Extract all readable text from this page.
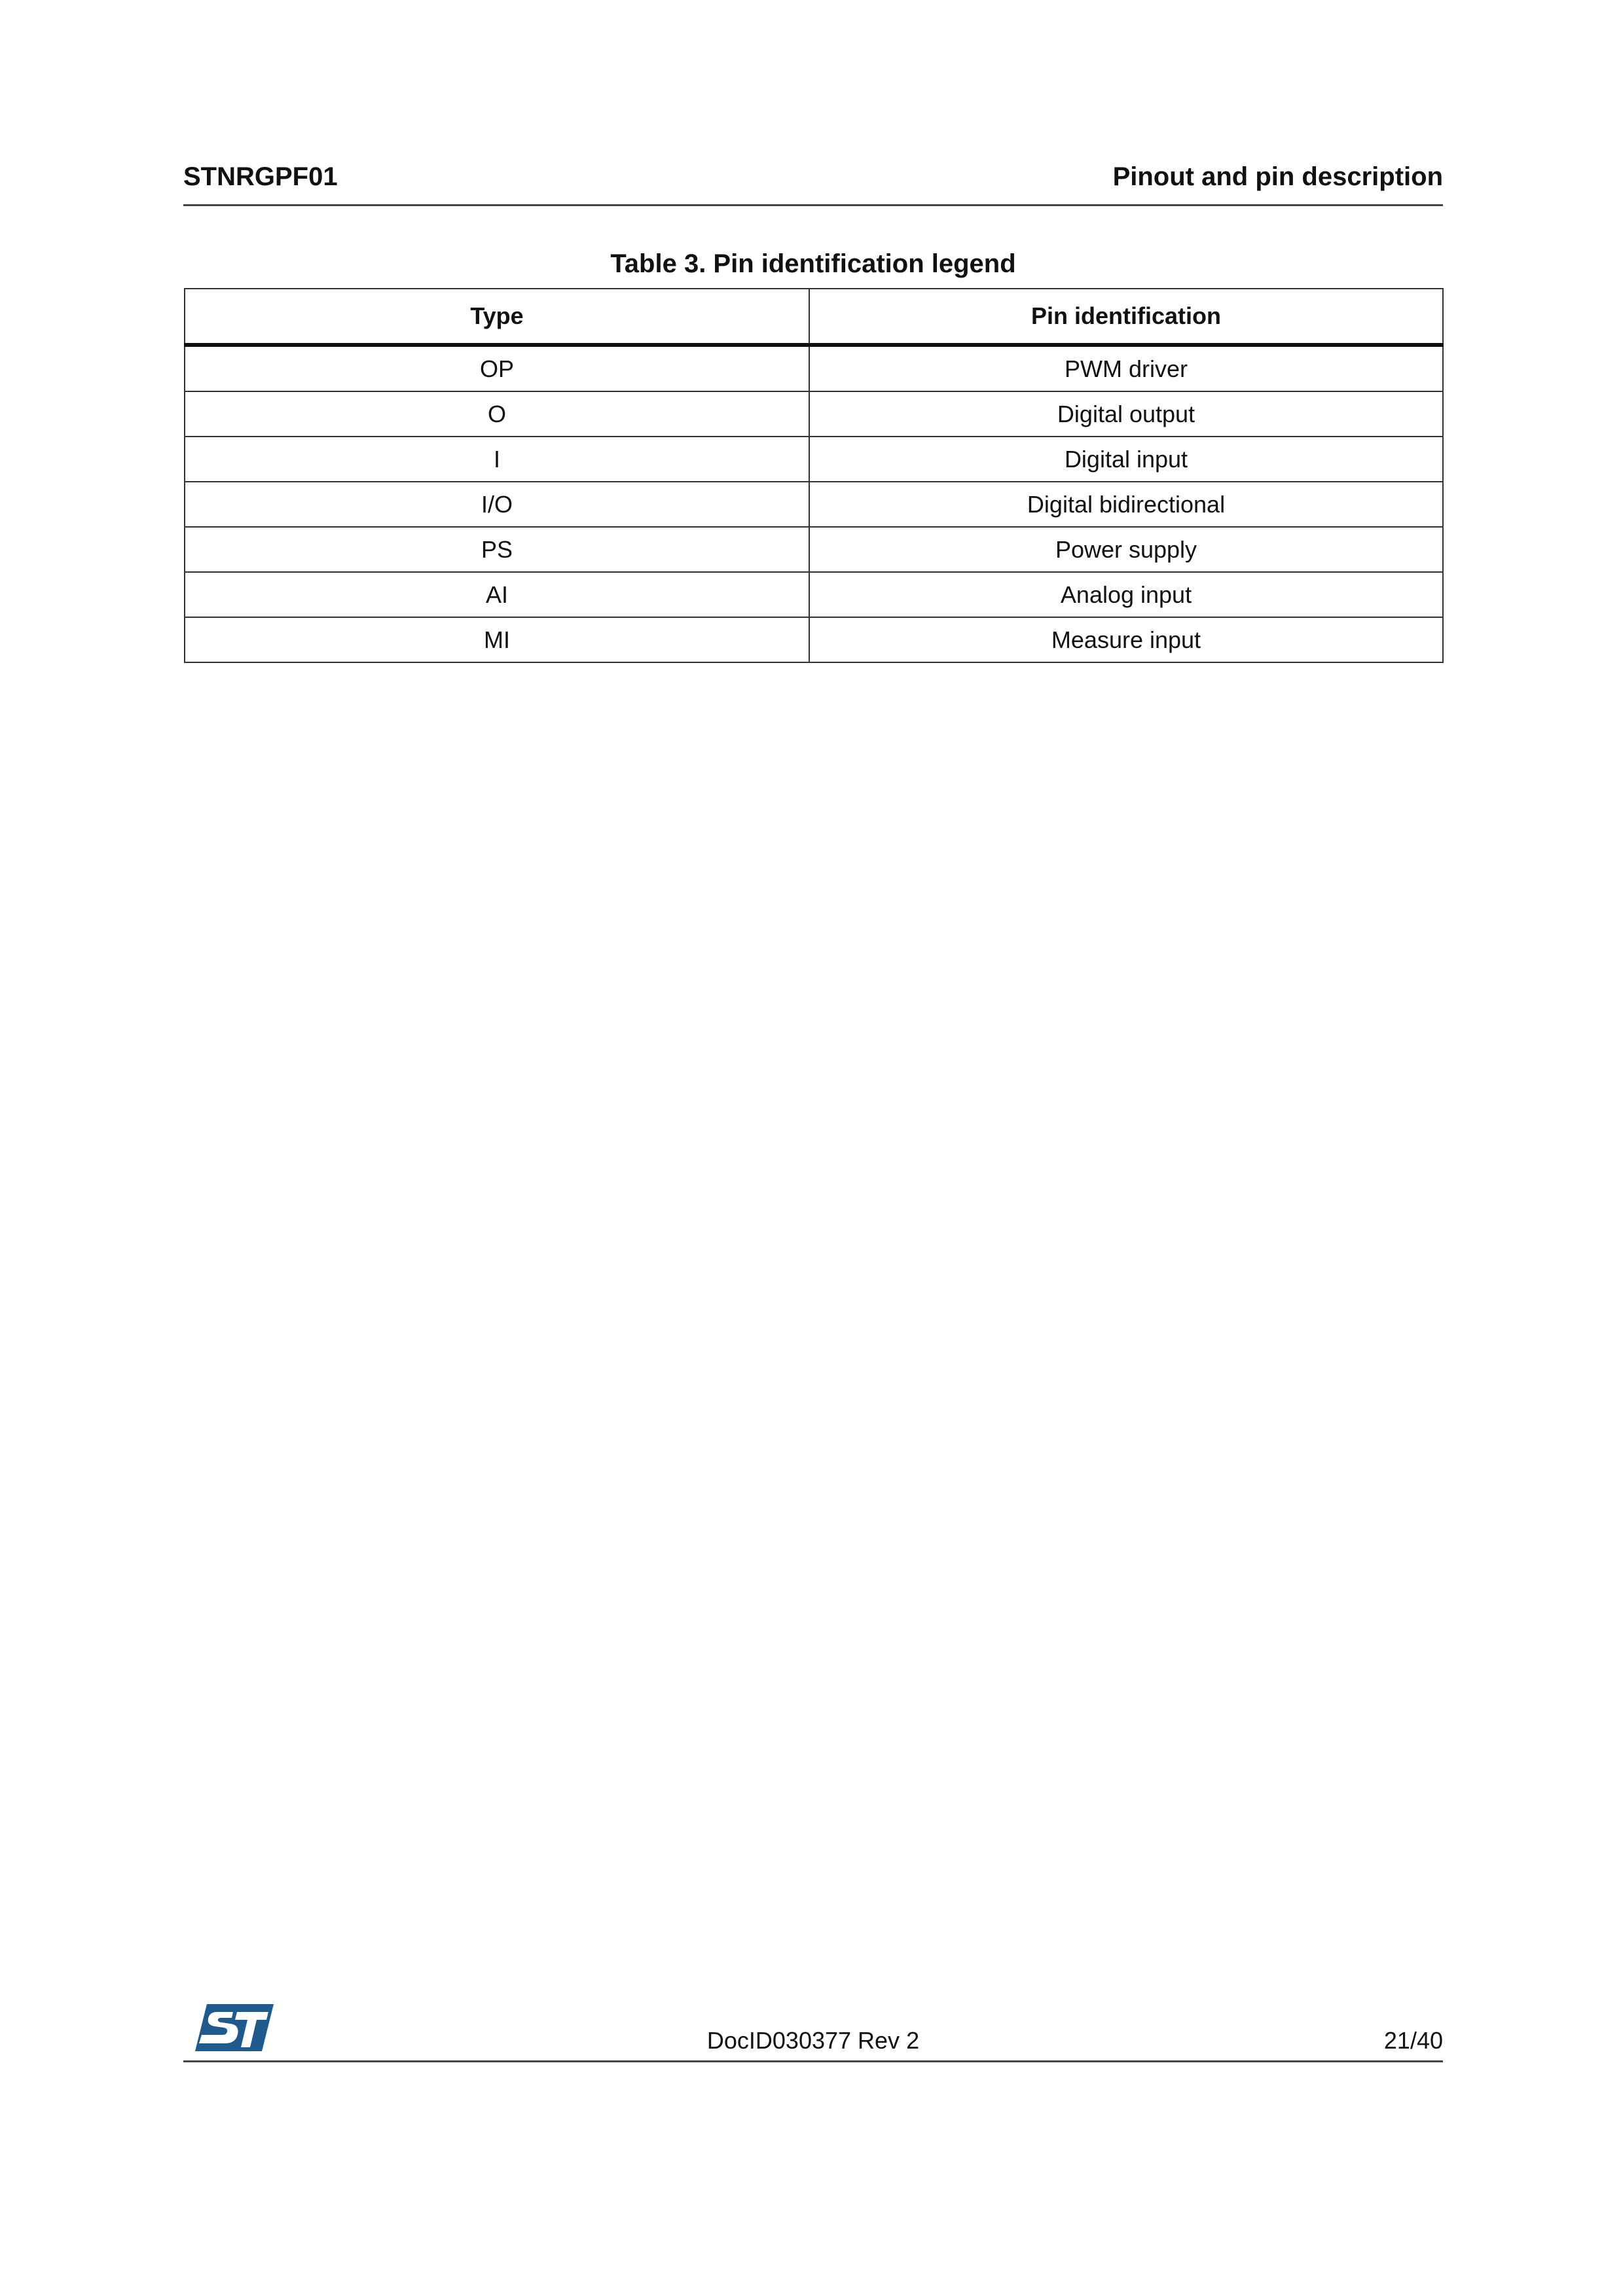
STNRGPF01	Pinout and pin description
Table 3. Pin identification legend
Type	Pin identification
OP	PWM driver
O	Digital output
I	Digital input
I/O	Digital bidirectional
PS	Power supply
AI	Analog input
MI	Measure input
DocID030377 Rev 2	21/40
